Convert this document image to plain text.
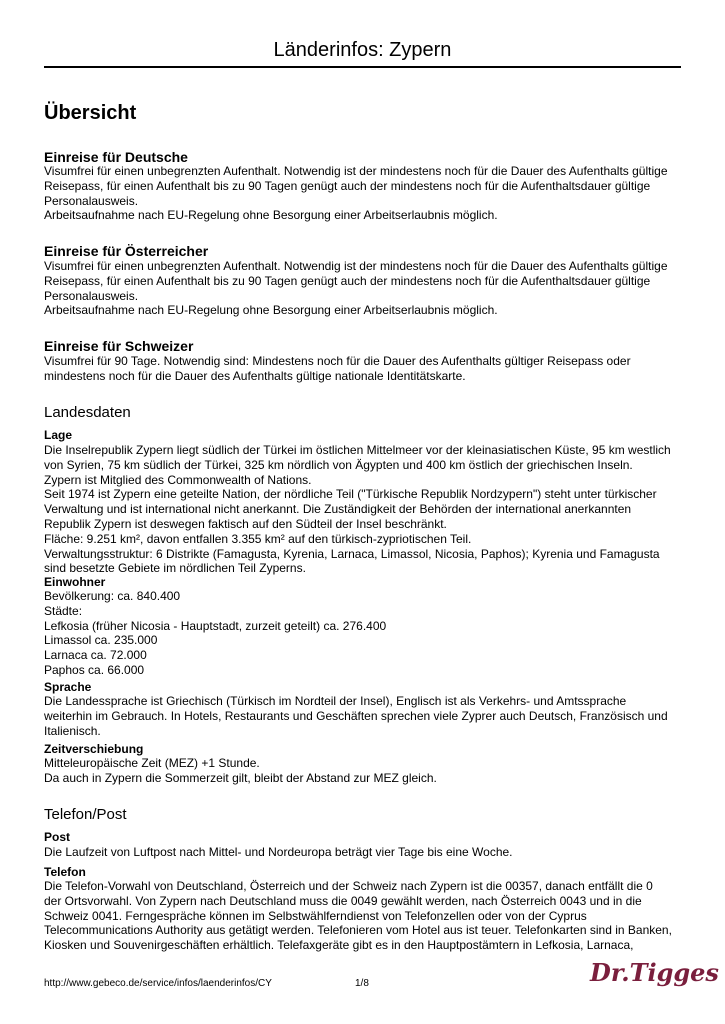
Länderinfos: Zypern
Übersicht
Einreise für Deutsche
Visumfrei für einen unbegrenzten Aufenthalt. Notwendig ist der mindestens noch für die Dauer des Aufenthalts gültige
Reisepass, für einen Aufenthalt bis zu 90 Tagen genügt auch der mindestens noch für die Aufenthaltsdauer gültige
Personalausweis.
Arbeitsaufnahme nach EU-Regelung ohne Besorgung einer Arbeitserlaubnis möglich.
Einreise für Österreicher
Visumfrei für einen unbegrenzten Aufenthalt. Notwendig ist der mindestens noch für die Dauer des Aufenthalts gültige
Reisepass, für einen Aufenthalt bis zu 90 Tagen genügt auch der mindestens noch für die Aufenthaltsdauer gültige
Personalausweis.
Arbeitsaufnahme nach EU-Regelung ohne Besorgung einer Arbeitserlaubnis möglich.
Einreise für Schweizer
Visumfrei für 90 Tage. Notwendig sind: Mindestens noch für die Dauer des Aufenthalts gültiger Reisepass oder
mindestens noch für die Dauer des Aufenthalts gültige nationale Identitätskarte.
Landesdaten
Lage
Die Inselrepublik Zypern liegt südlich der Türkei im östlichen Mittelmeer vor der kleinasiatischen Küste, 95 km westlich
von Syrien, 75 km südlich der Türkei, 325 km nördlich von Ägypten und 400 km östlich der griechischen Inseln.
Zypern ist Mitglied des Commonwealth of Nations.
Seit 1974 ist Zypern eine geteilte Nation, der nördliche Teil ("Türkische Republik Nordzypern") steht unter türkischer
Verwaltung und ist international nicht anerkannt. Die Zuständigkeit der Behörden der international anerkannten
Republik Zypern ist deswegen faktisch auf den Südteil der Insel beschränkt.
Fläche: 9.251 km², davon entfallen 3.355 km² auf den türkisch-zypriotischen Teil.
Verwaltungsstruktur: 6 Distrikte (Famagusta, Kyrenia, Larnaca, Limassol, Nicosia, Paphos); Kyrenia und Famagusta
sind besetzte Gebiete im nördlichen Teil Zyperns.
Einwohner
Bevölkerung: ca. 840.400
Städte:
Lefkosia (früher Nicosia - Hauptstadt, zurzeit geteilt) ca. 276.400
Limassol ca. 235.000
Larnaca ca. 72.000
Paphos ca. 66.000
Sprache
Die Landessprache ist Griechisch (Türkisch im Nordteil der Insel), Englisch ist als Verkehrs- und Amtssprache
weiterhin im Gebrauch. In Hotels, Restaurants und Geschäften sprechen viele Zyprer auch Deutsch, Französisch und
Italienisch.
Zeitverschiebung
Mitteleuropäische Zeit (MEZ) +1 Stunde.
Da auch in Zypern die Sommerzeit gilt, bleibt der Abstand zur MEZ gleich.
Telefon/Post
Post
Die Laufzeit von Luftpost nach Mittel- und Nordeuropa beträgt vier Tage bis eine Woche.
Telefon
Die Telefon-Vorwahl von Deutschland, Österreich und der Schweiz nach Zypern ist die 00357, danach entfällt die 0
der Ortsvorwahl. Von Zypern nach Deutschland muss die 0049 gewählt werden, nach Österreich 0043 und in die
Schweiz 0041. Ferngespräche können im Selbstwählferndienst von Telefonzellen oder von der Cyprus
Telecommunications Authority aus getätigt werden. Telefonieren vom Hotel aus ist teuer. Telefonkarten sind in Banken,
Kiosken und Souvenirgeschäften erhältlich. Telefaxgeräte gibt es in den Hauptpostämtern in Lefkosia, Larnaca,
http://www.gebeco.de/service/infos/laenderinfos/CY	1/8	Dr.Tigges
